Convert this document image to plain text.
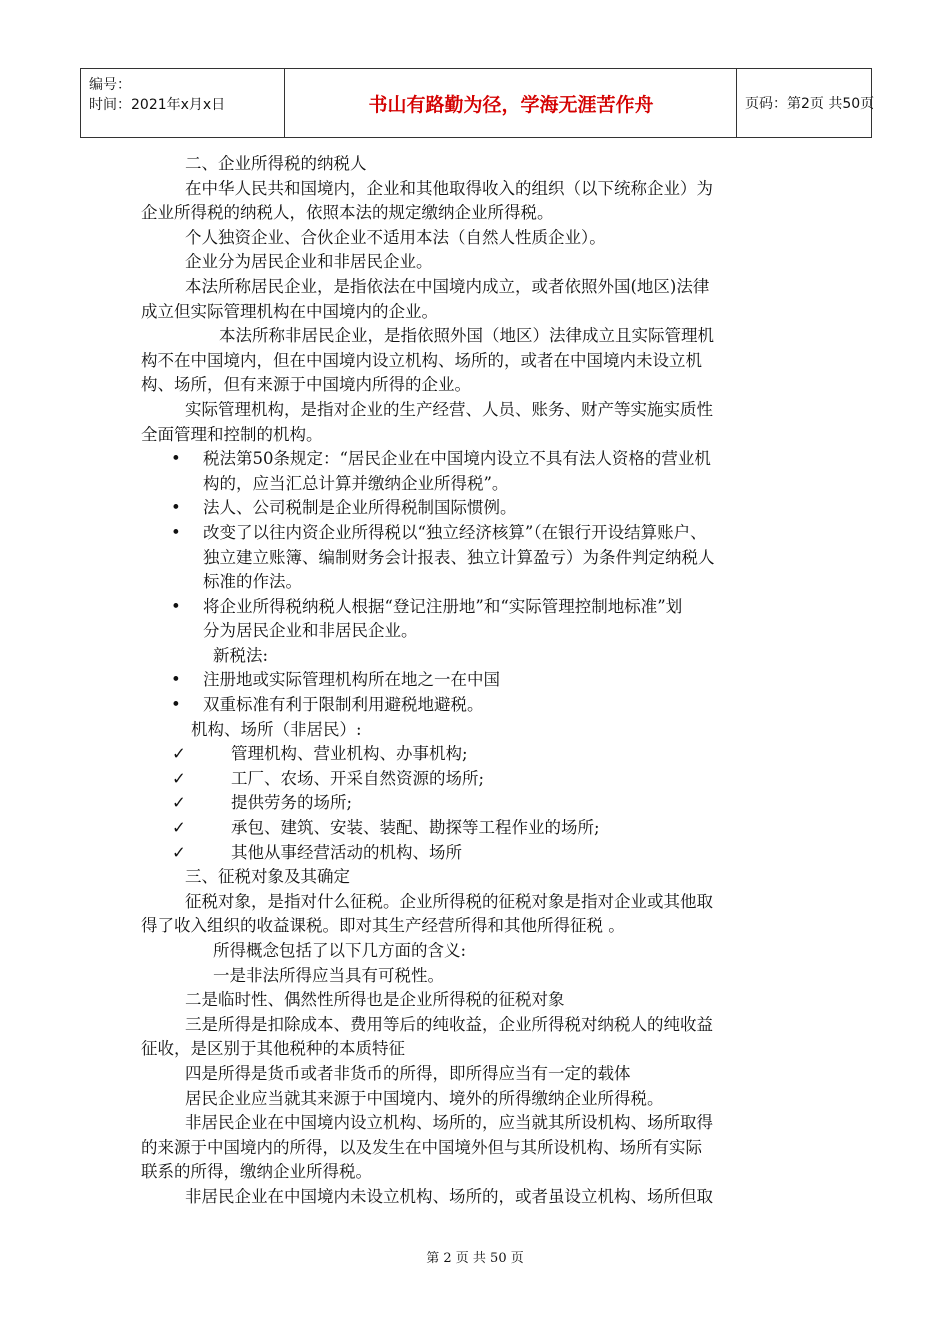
编号：
时间：2021年x月x日	书山有路勤为径，学海无涯苦作舟	页码：第2页 共50页

二、企业所得税的纳税人

在中华人民共和国境内，企业和其他取得收入的组织（以下统称企业）为

企业所得税的纳税人，依照本法的规定缴纳企业所得税。

个人独资企业、合伙企业不适用本法（自然人性质企业）。

企业分为居民企业和非居民企业。

本法所称居民企业，是指依法在中国境内成立，或者依照外国(地区)法律

成立但实际管理机构在中国境内的企业。

本法所称非居民企业，是指依照外国（地区）法律成立且实际管理机

构不在中国境内，但在中国境内设立机构、场所的，或者在中国境内未设立机

构、场所，但有来源于中国境内所得的企业。

实际管理机构，是指对企业的生产经营、人员、账务、财产等实施实质性

全面管理和控制的机构。

• 税法第50条规定：“居民企业在中国境内设立不具有法人资格的营业机

构的，应当汇总计算并缴纳企业所得税”。

• 法人、公司税制是企业所得税制国际惯例。

• 改变了以往内资企业所得税以“独立经济核算”（在银行开设结算账户、

独立建立账簿、编制财务会计报表、独立计算盈亏）为条件判定纳税人

标准的作法。

• 将企业所得税纳税人根据“登记注册地”和“实际管理控制地标准”划

分为居民企业和非居民企业。

新税法:

• 注册地或实际管理机构所在地之一在中国

• 双重标准有利于限制利用避税地避税。

机构、场所（非居民）:

✓	管理机构、营业机构、办事机构;

✓	工厂、农场、开采自然资源的场所;

✓	提供劳务的场所;

✓	承包、建筑、安装、装配、勘探等工程作业的场所;

✓	其他从事经营活动的机构、场所

三、征税对象及其确定

征税对象，是指对什么征税。企业所得税的征税对象是指对企业或其他取

得了收入组织的收益课税。即对其生产经营所得和其他所得征税 。

所得概念包括了以下几方面的含义:

一是非法所得应当具有可税性。

二是临时性、偶然性所得也是企业所得税的征税对象

三是所得是扣除成本、费用等后的纯收益，企业所得税对纳税人的纯收益

征收，是区别于其他税种的本质特征

四是所得是货币或者非货币的所得，即所得应当有一定的载体

居民企业应当就其来源于中国境内、境外的所得缴纳企业所得税。

非居民企业在中国境内设立机构、场所的，应当就其所设机构、场所取得

的来源于中国境内的所得，以及发生在中国境外但与其所设机构、场所有实际

联系的所得，缴纳企业所得税。

非居民企业在中国境内未设立机构、场所的，或者虽设立机构、场所但取

第 2 页 共 50 页
